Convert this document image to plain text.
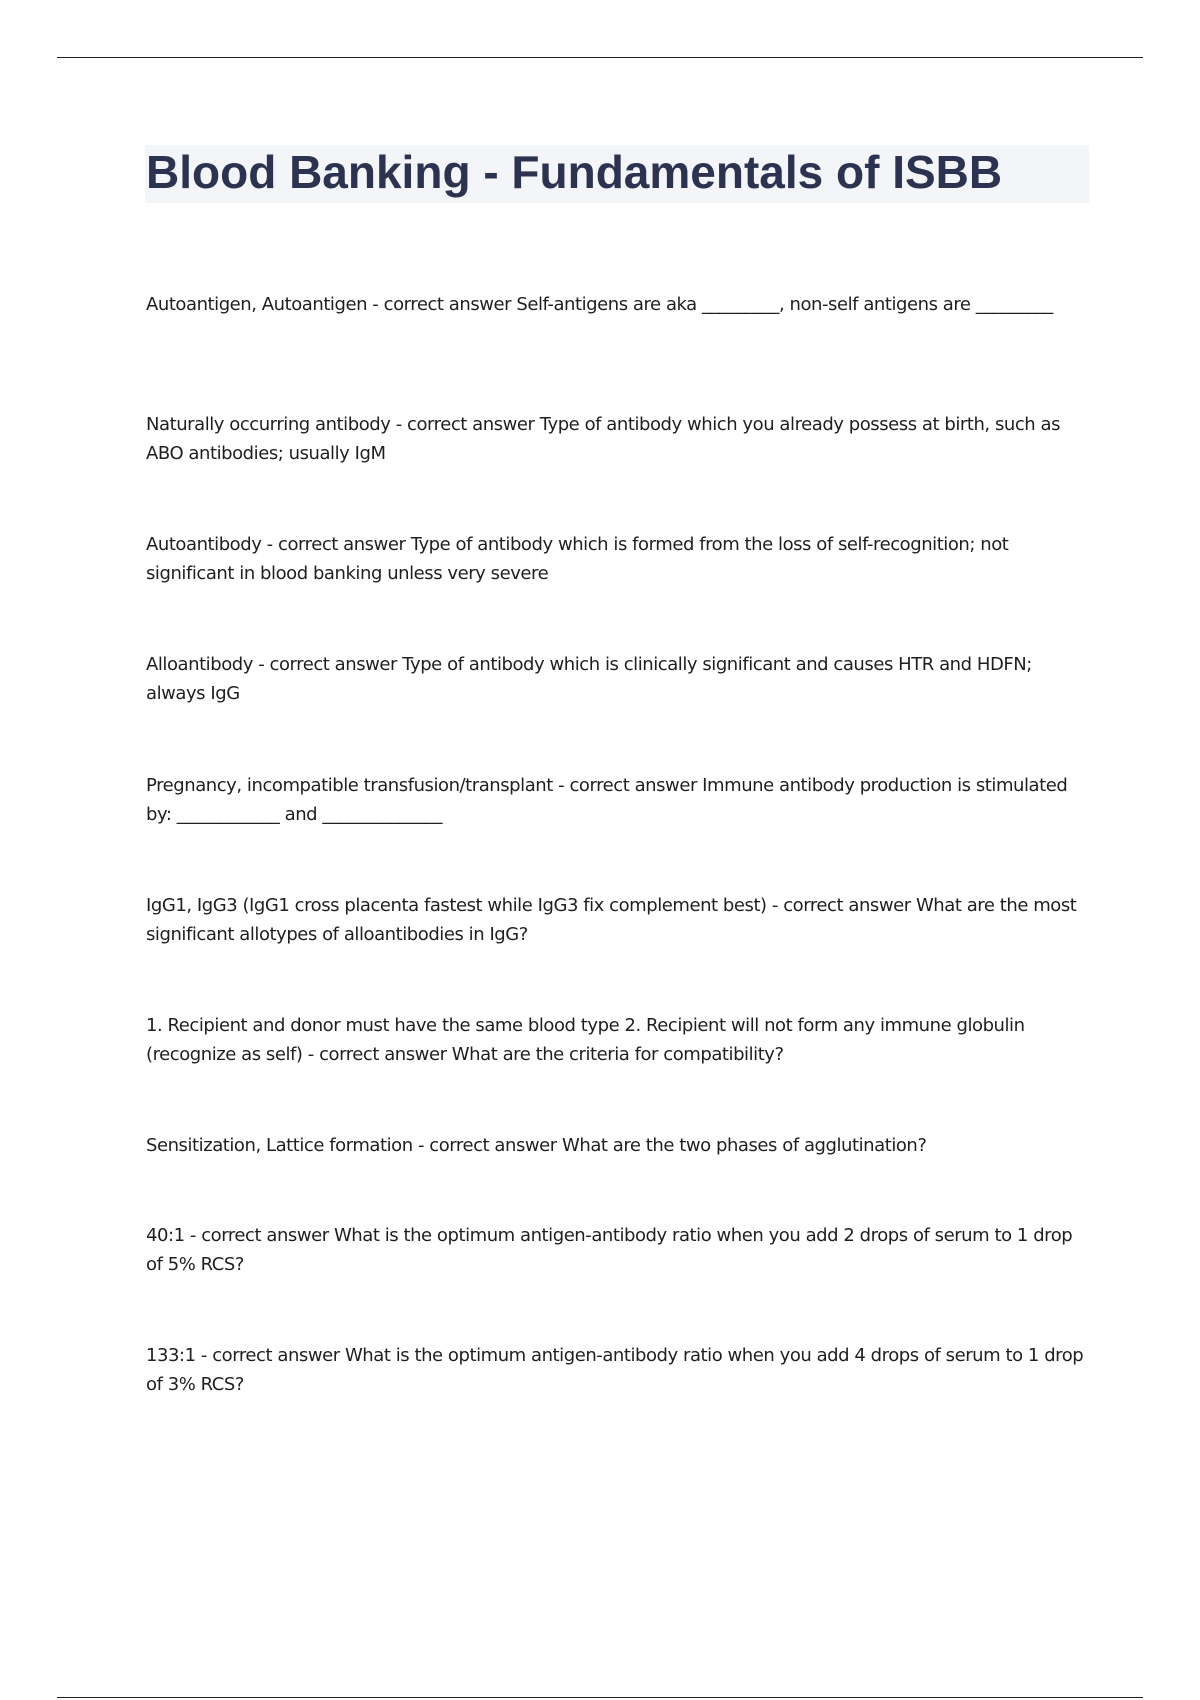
Blood Banking - Fundamentals of ISBB
Autoantigen, Autoantigen - correct answer Self-antigens are aka _________, non-self antigens are _________
Naturally occurring antibody - correct answer Type of antibody which you already possess at birth, such as ABO antibodies; usually IgM
Autoantibody - correct answer Type of antibody which is formed from the loss of self-recognition; not significant in blood banking unless very severe
Alloantibody - correct answer Type of antibody which is clinically significant and causes HTR and HDFN; always IgG
Pregnancy, incompatible transfusion/transplant - correct answer Immune antibody production is stimulated by: ____________ and ______________
IgG1, IgG3 (IgG1 cross placenta fastest while IgG3 fix complement best) - correct answer What are the most significant allotypes of alloantibodies in IgG?
1. Recipient and donor must have the same blood type 2. Recipient will not form any immune globulin (recognize as self) - correct answer What are the criteria for compatibility?
Sensitization, Lattice formation - correct answer What are the two phases of agglutination?
40:1 - correct answer What is the optimum antigen-antibody ratio when you add 2 drops of serum to 1 drop of 5% RCS?
133:1 - correct answer What is the optimum antigen-antibody ratio when you add 4 drops of serum to 1 drop of 3% RCS?
